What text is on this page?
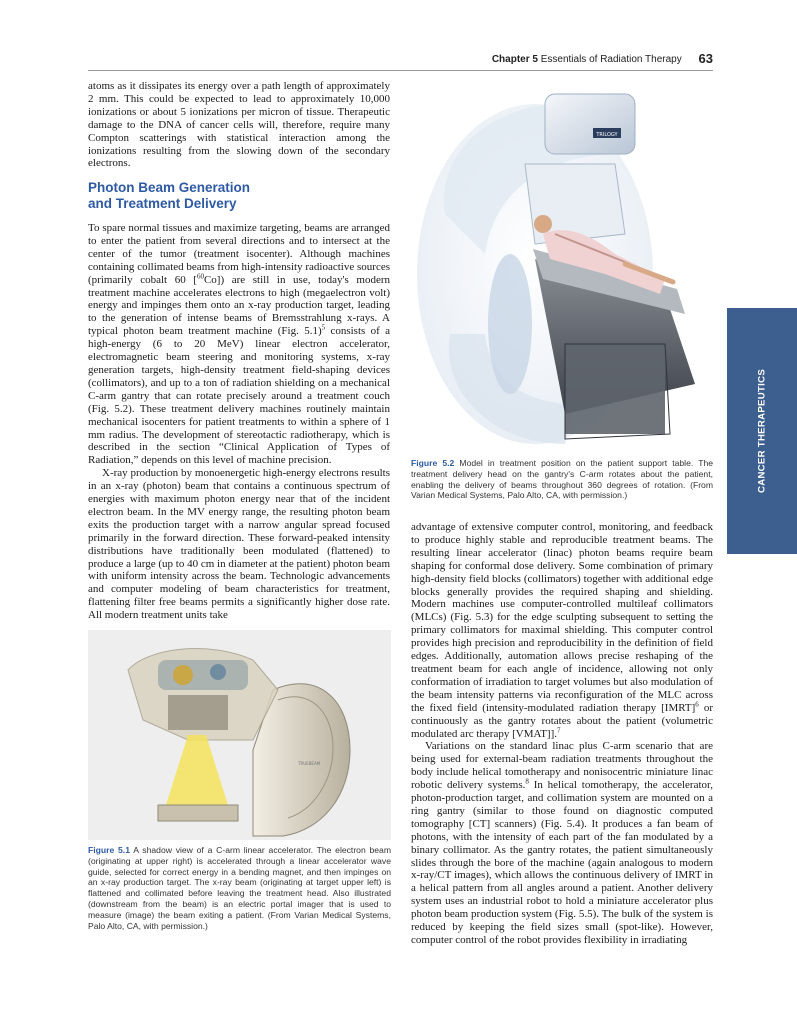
Chapter 5 Essentials of Radiation Therapy 63

atoms as it dissipates its energy over a path length of approximately 2 mm. This could be expected to lead to approximately 10,000 ionizations or about 5 ionizations per micron of tissue. Therapeutic damage to the DNA of cancer cells will, therefore, require many Compton scatterings with statistical interaction among the ionizations resulting from the slowing down of the secondary electrons.

Photon Beam Generation
and Treatment Delivery

To spare normal tissues and maximize targeting, beams are arranged to enter the patient from several directions and to intersect at the center of the tumor (treatment isocenter). Although machines containing collimated beams from high-intensity radioactive sources (primarily cobalt 60 [$^{60}$Co]) are still in use, today's modern treatment machine accelerates electrons to high (megaelectron volt) energy and impinges them onto an x-ray production target, leading to the generation of intense beams of Bremsstrahlung x-rays. A typical photon beam treatment machine (Fig. 5.1)$^5$ consists of a high-energy (6 to 20 MeV) linear electron accelerator, electromagnetic beam steering and monitoring systems, x-ray generation targets, high-density treatment field-shaping devices (collimators), and up to a ton of radiation shielding on a mechanical C-arm gantry that can rotate precisely around a treatment couch (Fig. 5.2). These treatment delivery machines routinely maintain mechanical isocenters for patient treatments to within a sphere of 1 mm radius. The development of stereotactic radiotherapy, which is described in the section “Clinical Application of Types of Radiation,” depends on this level of machine precision.

X-ray production by monoenergetic high-energy electrons results in an x-ray (photon) beam that contains a continuous spectrum of energies with maximum photon energy near that of the incident electron beam. In the MV energy range, the resulting photon beam exits the production target with a narrow angular spread focused primarily in the forward direction. These forward-peaked intensity distributions have traditionally been modulated (flattened) to produce a large (up to 40 cm in diameter at the patient) photon beam with uniform intensity across the beam. Technologic advancements and computer modeling of beam characteristics for treatment, flattening filter free beams permits a significantly higher dose rate. All modern treatment units take

TRILOGY
Figure 5.2 Model in treatment position on the patient support table. The treatment delivery head on the gantry's C-arm rotates about the patient, enabling the delivery of beams throughout 360 degrees of rotation. (From Varian Medical Systems, Palo Alto, CA, with permission.)

advantage of extensive computer control, monitoring, and feedback to produce highly stable and reproducible treatment beams. The resulting linear accelerator (linac) photon beams require beam shaping for conformal dose delivery. Some combination of primary high-density field blocks (collimators) together with additional edge blocks generally provides the required shaping and shielding. Modern machines use computer-controlled multileaf collimators (MLCs) (Fig. 5.3) for the edge sculpting subsequent to setting the primary collimators for maximal shielding. This computer control provides high precision and reproducibility in the definition of field edges. Additionally, automation allows precise reshaping of the treatment beam for each angle of incidence, allowing not only conformation of irradiation to target volumes but also modulation of the beam intensity patterns via reconfiguration of the MLC across the fixed field (intensity-modulated radiation therapy [IMRT]$^6$ or continuously as the gantry rotates about the patient (volumetric modulated arc therapy [VMAT]].$^7$

Variations on the standard linac plus C-arm scenario that are being used for external-beam radiation treatments throughout the body include helical tomotherapy and nonisocentric miniature linac robotic delivery systems.$^8$ In helical tomotherapy, the accelerator, photon-production target, and collimation system are mounted on a ring gantry (similar to those found on diagnostic computed tomography [CT] scanners) (Fig. 5.4). It produces a fan beam of photons, with the intensity of each part of the fan modulated by a binary collimator. As the gantry rotates, the patient simultaneously slides through the bore of the machine (again analogous to modern x-ray/CT images), which allows the continuous delivery of IMRT in a helical pattern from all angles around a patient. Another delivery system uses an industrial robot to hold a miniature accelerator plus photon beam production system (Fig. 5.5). The bulk of the system is reduced by keeping the field sizes small (spot-like). However, computer control of the robot provides flexibility in irradiating

TRUEBEAM
Figure 5.1 A shadow view of a C-arm linear accelerator. The electron beam (originating at upper right) is accelerated through a linear accelerator wave guide, selected for correct energy in a bending magnet, and then impinges on an x-ray production target. The x-ray beam (originating at target upper left) is flattened and collimated before leaving the treatment head. Also illustrated (downstream from the beam) is an electric portal imager that is used to measure (image) the beam exiting a patient. (From Varian Medical Systems, Palo Alto, CA, with permission.)
CANCER THERAPEUTICS
